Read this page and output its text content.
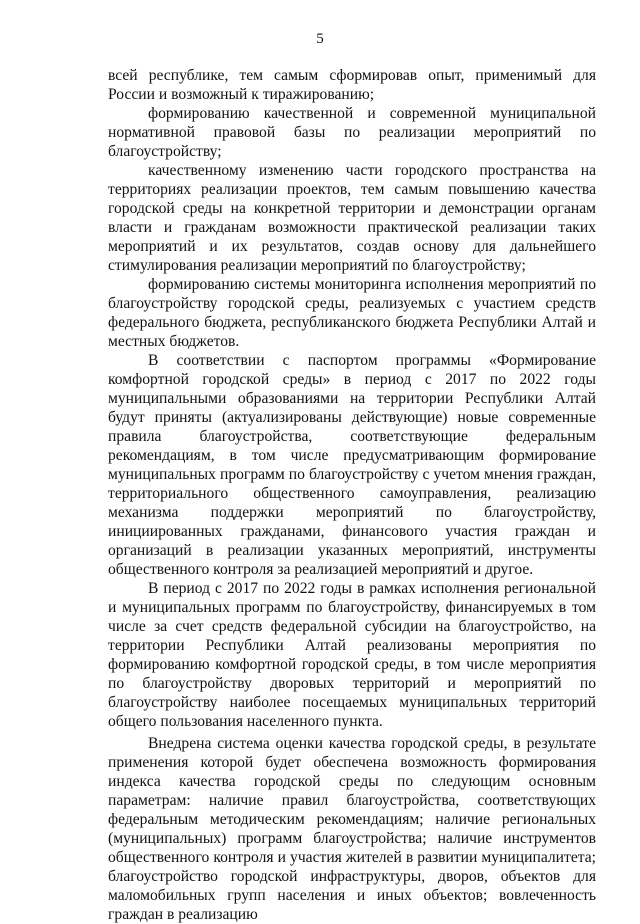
5

всей республике, тем самым сформировав опыт, применимый для России и возможный к тиражированию;

формированию качественной и современной муниципальной нормативной правовой базы по реализации мероприятий по благоустройству;

качественному изменению части городского пространства на территориях реализации проектов, тем самым повышению качества городской среды на конкретной территории и демонстрации органам власти и гражданам возможности практической реализации таких мероприятий и их результатов, создав основу для дальнейшего стимулирования реализации мероприятий по благоустройству;

формированию системы мониторинга исполнения мероприятий по благоустройству городской среды, реализуемых с участием средств федерального бюджета, республиканского бюджета Республики Алтай и местных бюджетов.

В соответствии с паспортом программы «Формирование комфортной городской среды» в период с 2017 по 2022 годы муниципальными образованиями на территории Республики Алтай будут приняты (актуализированы действующие) новые современные правила благоустройства, соответствующие федеральным рекомендациям, в том числе предусматривающим формирование муниципальных программ по благоустройству с учетом мнения граждан, территориального общественного самоуправления, реализацию механизма поддержки мероприятий по благоустройству, инициированных гражданами, финансового участия граждан и организаций в реализации указанных мероприятий, инструменты общественного контроля за реализацией мероприятий и другое.

В период с 2017 по 2022 годы в рамках исполнения региональной и муниципальных программ по благоустройству, финансируемых в том числе за счет средств федеральной субсидии на благоустройство, на территории Республики Алтай реализованы мероприятия по формированию комфортной городской среды, в том числе мероприятия по благоустройству дворовых территорий и мероприятий по благоустройству наиболее посещаемых муниципальных территорий общего пользования населенного пункта.

Внедрена система оценки качества городской среды, в результате применения которой будет обеспечена возможность формирования индекса качества городской среды по следующим основным параметрам: наличие правил благоустройства, соответствующих федеральным методическим рекомендациям; наличие региональных (муниципальных) программ благоустройства; наличие инструментов общественного контроля и участия жителей в развитии муниципалитета; благоустройство городской инфраструктуры, дворов, объектов для маломобильных групп населения и иных объектов; вовлеченность граждан в реализацию
